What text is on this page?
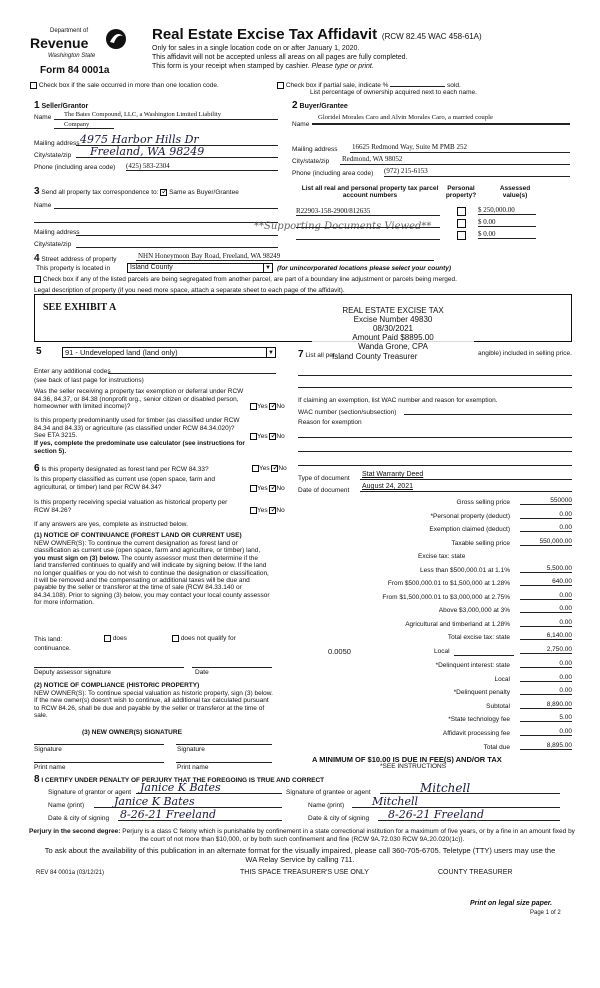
Department of
Revenue
Washington State
Form 84 0001a
Real Estate Excise Tax Affidavit (RCW 82.45 WAC 458-61A)
Only for sales in a single location code on or after January 1, 2020.
This affidavit will not be accepted unless all areas on all pages are fully completed.
This form is your receipt when stamped by cashier. Please type or print.
Check box if the sale occurred in more than one location code.	Check box if partial sale, indicate %	sold.
List percentage of ownership acquired next to each name.
1 Seller/Grantor
Name	The Bates Compound, LLC, a Washington Limited Liability
Company
Mailing address 4975 Harbor Hills Dr
City/state/zip	Freeland, WA 98249
Phone (including area code) (425) 583-2304
2 Buyer/Grantee
Name
Gloridel Morales Caro and Alvin Morales Caro, a married couple
Mailing address 16625 Redmond Way, Suite M PMB 252
City/state/zip Redmond, WA 98052
Phone (including area code) (972) 215-6153
3 Send all property tax correspondence to: ✓ Same as Buyer/Grantee
Name
Mailing address
**Supporting Documents Viewed**
City/state/zip
List all real and personal property tax parcel account numbers
Personal property?
Assessed value(s)
R22903-158-2900/812635	$ 250,000.00
$ 0.00
$ 0.00
4 Street address of property	NHN Honeymoon Bay Road, Freeland, WA 98249
This property is located in	Island County	▼ (for unincorporated locations please select your county)
Check box if any of the listed parcels are being segregated from another parcel, are part of a boundary line adjustment or parcels being merged.
Legal description of property (if you need more space, attach a separate sheet to each page of the affidavit).
SEE EXHIBIT A	REAL ESTATE EXCISE TAX
Excise Number 49830
08/30/2021
Amount Paid $8895.00
Wanda Grone, CPA
Island County Treasurer
5	91 - Undeveloped land (land only)	▼
Enter any additional codes
(see back of last page for instructions)
Was the seller receiving a property tax exemption or deferral under RCW 84.36, 84.37, or 84.38 (nonprofit org., senior citizen or disabled person, homeowner with limited income)?	Yes ✓ No
Is this property predominantly used for timber (as classified under RCW 84.34 and 84.33) or agriculture (as classified under RCW 84.34.020)? See ETA 3215.	Yes ✓ No
If yes, complete the predominate use calculator (see instructions for section 5).
7 List all per	angible) included in selling price.
If claiming an exemption, list WAC number and reason for exemption.
WAC number (section/subsection)
Reason for exemption
Type of document
Stat Warranty Deed
Date of document
August 24, 2021
6 Is this property designated as forest land per RCW 84.33?	Yes ✓ No
Is this property classified as current use (open space, farm and agricultural, or timber) land per RCW 84.34?	Yes ✓ No
Is this property receiving special valuation as historical property per RCW 84.26?	Yes ✓ No
If any answers are yes, complete as instructed below.
(1) NOTICE OF CONTINUANCE (FOREST LAND OR CURRENT USE)
NEW OWNER(S): To continue the current designation as forest land or classification as current use (open space, farm and agriculture, or timber) land, you must sign on (3) below. The county assessor must then determine if the land transferred continues to qualify and will indicate by signing below. If the land no longer qualifies or you do not wish to continue the designation or classification, it will be removed and the compensating or additional taxes will be due and payable by the seller or transferor at the time of sale (RCW 84.33.140 or 84.34.108). Prior to signing (3) below, you may contact your local county assessor for more information.
This land:	does	does not qualify for
continuance.
Deputy assessor signature	Date
(2) NOTICE OF COMPLIANCE (HISTORIC PROPERTY)
NEW OWNER(S): To continue special valuation as historic property, sign (3) below. If the new owner(s) doesn't wish to continue, all additional tax calculated pursuant to RCW 84.26, shall be due and payable by the seller or transferor at the time of sale.
(3) NEW OWNER(S) SIGNATURE
Signature	Signature
Print name	Print name
Gross selling price	550000
*Personal property (deduct)	0.00
Exemption claimed (deduct)	0.00
Taxable selling price	550,000.00
Excise tax: state
Less than $500,000.01 at 1.1%	5,500.00
From $500,000.01 to $1,500,000 at 1.28%	640.00
From $1,500,000.01 to $3,000,000 at 2.75%	0.00
Above $3,000,000 at 3%	0.00
Agricultural and timberland at 1.28%	0.00
Total excise tax: state	6,140.00
0.0050	Local	2,750.00
*Delinquent interest: state	0.00
Local	0.00
*Delinquent penalty	0.00
Subtotal	8,890.00
*State technology fee	5.00
Affidavit processing fee	0.00
Total due	8,895.00
A MINIMUM OF $10.00 IS DUE IN FEE(S) AND/OR TAX
*SEE INSTRUCTIONS
8 I CERTIFY UNDER PENALTY OF PERJURY THAT THE FOREGOING IS TRUE AND CORRECT
Signature of grantor or agent Janice K Bates
Name (print)	Janice K Bates
Date & city of signing 8-26-21 Freeland
Signature of grantee or agent	Mitchell
Name (print)	Mitchell
Date & city of signing	8-26-21 Freeland
Perjury in the second degree: Perjury is a class C felony which is punishable by confinement in a state correctional institution for a maximum of five years, or by a fine in an amount fixed by the court of not more than $10,000, or by both such confinement and fine (RCW 9A.72.030 RCW 9A.20.020(1c)).
To ask about the availability of this publication in an alternate format for the visually impaired, please call 360-705-6705. Teletype (TTY) users may use the WA Relay Service by calling 711.
REV 84 0001a (03/12/21)	THIS SPACE TREASURER'S USE ONLY	COUNTY TREASURER
Print on legal size paper.
Page 1 of 2
